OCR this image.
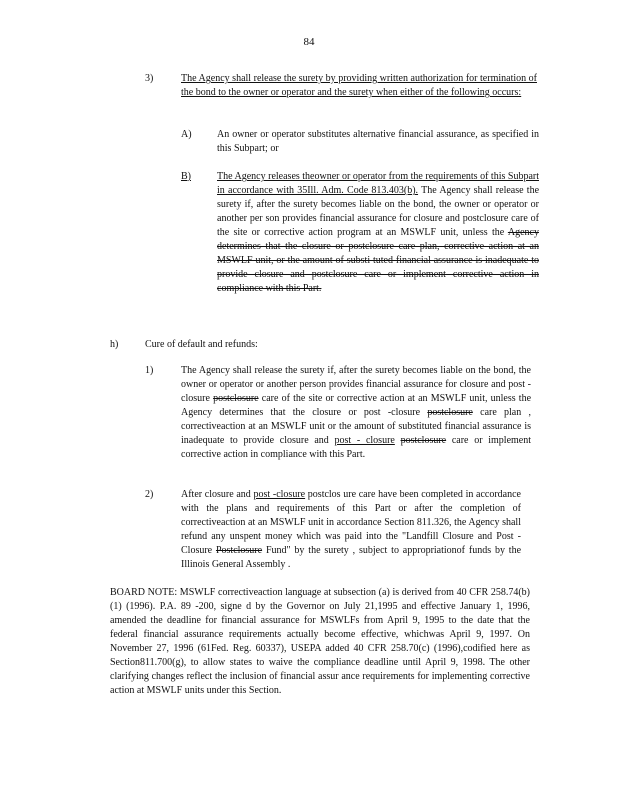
84
3)	The Agency shall release the surety by providing written authorization for termination of the bond to the owner or operator and the surety when either of the following occurs:
A)	An owner or operator substitutes alternative financial assurance, as specified in this Subpart; or
B)	The Agency releases theowner or operator from the requirements of this Subpart in accordance with 35Ill. Adm. Code 813.403(b). The Agency shall release the surety if, after the surety becomes liable on the bond, the owner or operator or another per son provides financial assurance for closure and postclosure care of the site or corrective action program at an MSWLF unit, unless the Agency determines that the closure or postclosure care plan, corrective action at an MSWLF unit, or the amount of substi tuted financial assurance is inadequate to provide closure and postclosure care or implement corrective action in compliance with this Part.
h)	Cure of default and refunds:
1)	The Agency shall release the surety if, after the surety becomes liable on the bond, the owner or operator or another person provides financial assurance for closure and post -closure postclosure care of the site or corrective action at an MSWLF unit, unless the Agency determines that the closure or post -closure postclosure care plan , correctiveaction at an MSWLF unit or the amount of substituted financial assurance is inadequate to provide closure and post - closure postclosure care or implement corrective action in compliance with this Part.
2)	After closure and post -closure postclos ure care have been completed in accordance with the plans and requirements of this Part or after the completion of correctiveaction at an MSWLF unit in accordance Section 811.326, the Agency shall refund any unspent money which was paid into the "Landfill Closure and Post - Closure Postclosure Fund" by the surety , subject to appropriationof funds by the Illinois General Assembly .
BOARD NOTE: MSWLF correctiveaction language at subsection (a) is derived from 40 CFR 258.74(b)(1) (1996). P.A. 89 -200, signe d by the Governor on July 21,1995 and effective January 1, 1996, amended the deadline for financial assurance for MSWLFs from April 9, 1995 to the date that the federal financial assurance requirements actually become effective, whichwas April 9, 1997. On November 27, 1996 (61Fed. Reg. 60337), USEPA added 40 CFR 258.70(c) (1996),codified here as Section811.700(g), to allow states to waive the compliance deadline until April 9, 1998. The other clarifying changes reflect the inclusion of financial assur ance requirements for implementing corrective action at MSWLF units under this Section.
